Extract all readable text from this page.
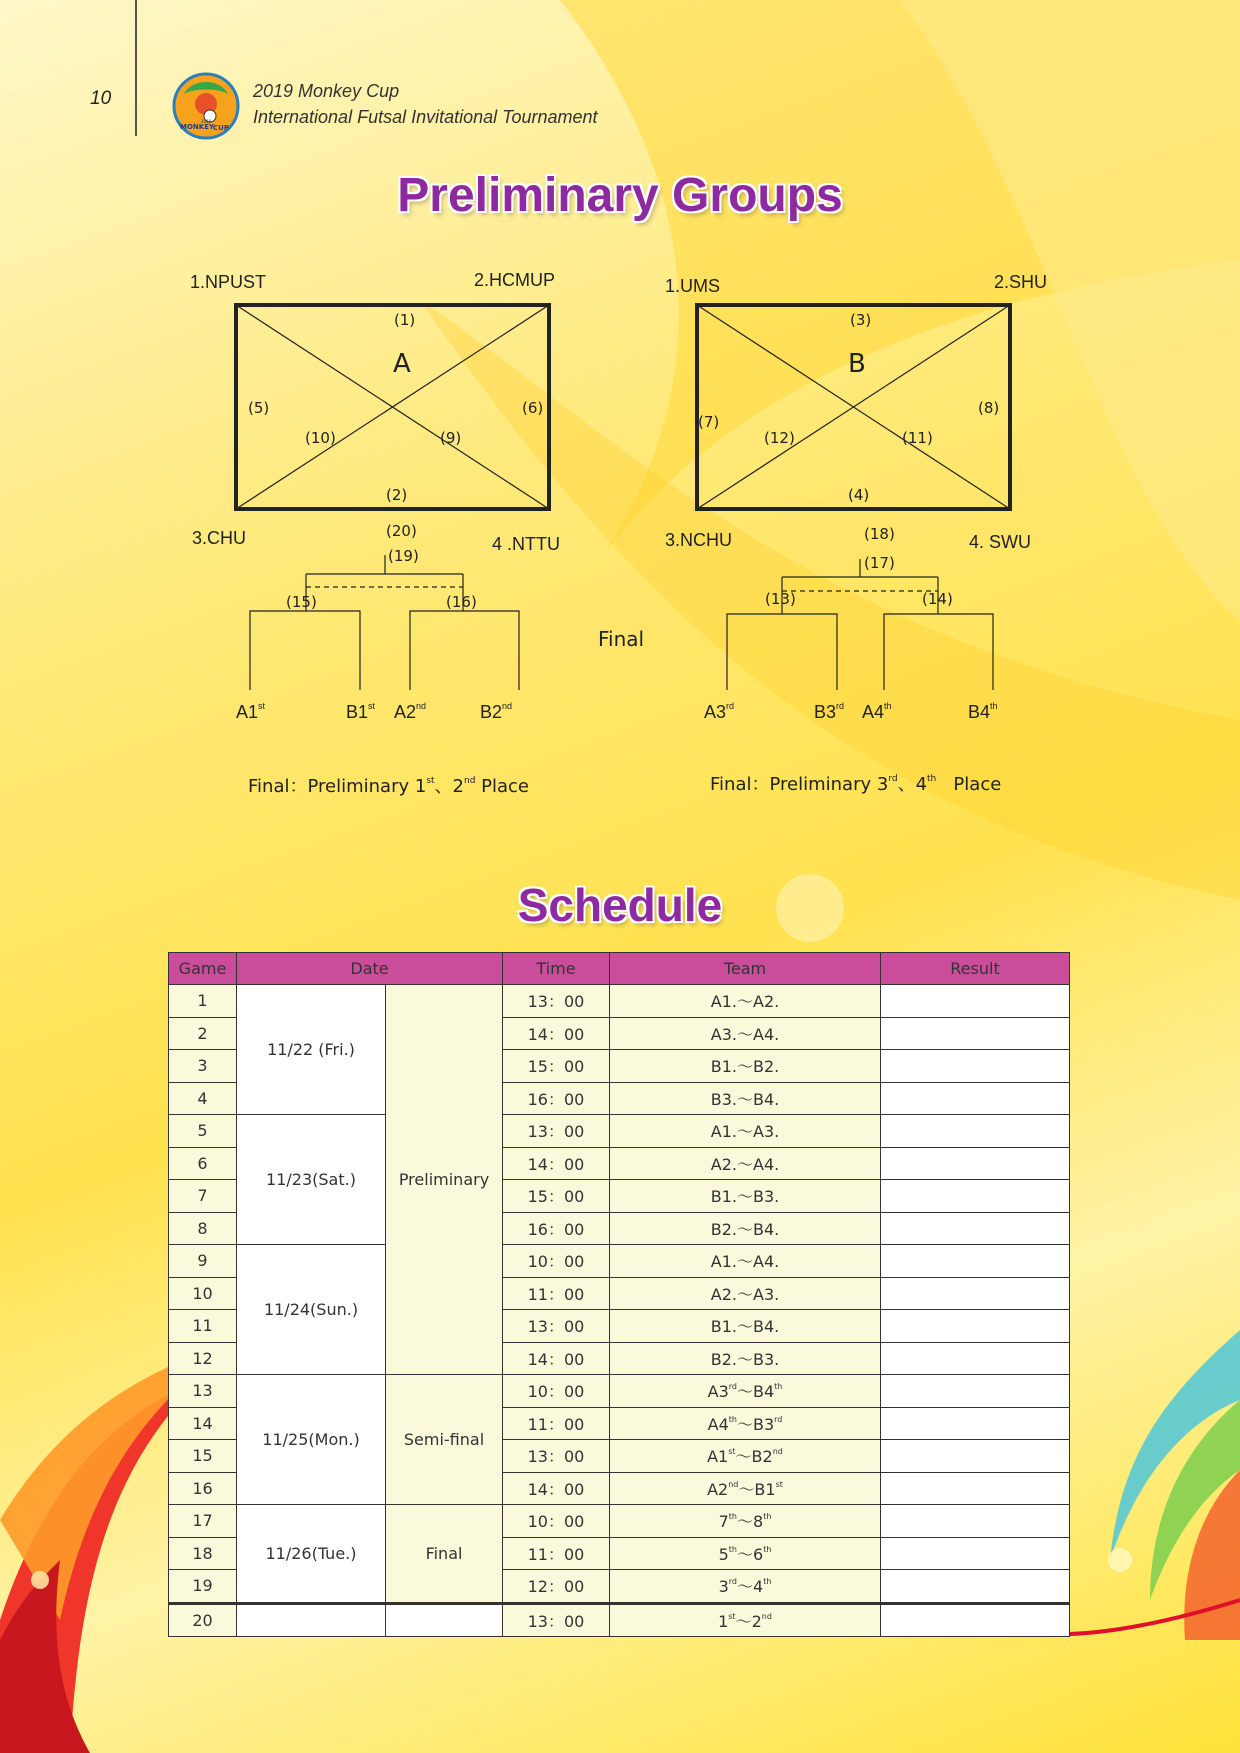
10
MONKEY
CUP
2019
2019 Monkey Cup
International Futsal Invitational Tournament
Preliminary Groups
1.NPUST	2.HCMUP
3.CHU	4 .NTTU
1.UMS	2.SHU
3.NCHU	4. SWU
(1)
(2)
(5)	(6)
(10)	(9)
(3)
(4)
(7)
(8)
(12)	(11)
(20)
(19)
(15)	(16)
(18)
(17)
(13)	(14)
A	B
Final
A1st	B1st A2nd	B2nd	A3rd	B3rd A4th	B4th
Final：Preliminary 1st、2nd Place	Final：Preliminary 3rd、4th   Place
Schedule
Game	Date		Time	Team	Result
1	11/22 (Fri.)	Preliminary	13：00	A1.～A2.	
2			14：00	A3.～A4.	
3			15：00	B1.～B2.	
4			16：00	B3.～B4.	
5	11/23(Sat.)		13：00	A1.～A3.	
6			14：00	A2.～A4.	
7			15：00	B1.～B3.	
8			16：00	B2.～B4.	
9	11/24(Sun.)		10：00	A1.～A4.	
10			11：00	A2.～A3.	
11			13：00	B1.～B4.	
12			14：00	B2.～B3.	
13	11/25(Mon.)	Semi-final	10：00	A3rd～B4th	
14			11：00	A4th～B3rd	
15			13：00	A1st～B2nd	
16			14：00	A2nd～B1st	
17	11/26(Tue.)	Final	10：00	7th～8th	
18			11：00	5th～6th	
19			12：00	3rd～4th	
20			13：00	1st～2nd	
